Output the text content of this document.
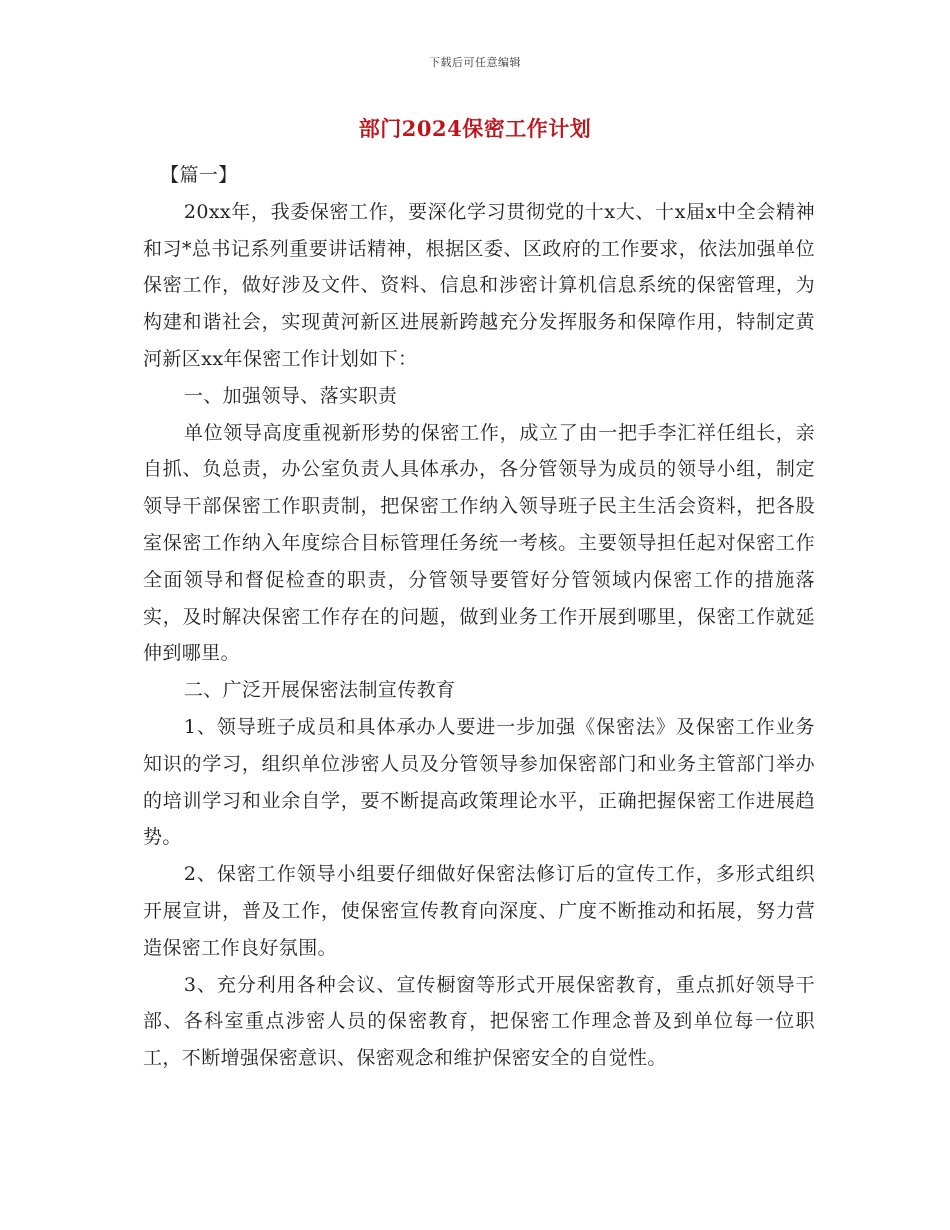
下载后可任意编辑
部门2024保密工作计划

【篇一】

20xx年，我委保密工作，要深化学习贯彻党的十x大、十x届x中全会精神和习*总书记系列重要讲话精神，根据区委、区政府的工作要求，依法加强单位保密工作，做好涉及文件、资料、信息和涉密计算机信息系统的保密管理，为构建和谐社会，实现黄河新区进展新跨越充分发挥服务和保障作用，特制定黄河新区xx年保密工作计划如下：

一、加强领导、落实职责

单位领导高度重视新形势的保密工作，成立了由一把手李汇祥任组长，亲自抓、负总责，办公室负责人具体承办，各分管领导为成员的领导小组，制定领导干部保密工作职责制，把保密工作纳入领导班子民主生活会资料，把各股室保密工作纳入年度综合目标管理任务统一考核。主要领导担任起对保密工作全面领导和督促检查的职责，分管领导要管好分管领域内保密工作的措施落实，及时解决保密工作存在的问题，做到业务工作开展到哪里，保密工作就延伸到哪里。

二、广泛开展保密法制宣传教育

1、领导班子成员和具体承办人要进一步加强《保密法》及保密工作业务知识的学习，组织单位涉密人员及分管领导参加保密部门和业务主管部门举办的培训学习和业余自学，要不断提高政策理论水平，正确把握保密工作进展趋势。

2、保密工作领导小组要仔细做好保密法修订后的宣传工作，多形式组织开展宣讲，普及工作，使保密宣传教育向深度、广度不断推动和拓展，努力营造保密工作良好氛围。

3、充分利用各种会议、宣传橱窗等形式开展保密教育，重点抓好领导干部、各科室重点涉密人员的保密教育，把保密工作理念普及到单位每一位职工，不断增强保密意识、保密观念和维护保密安全的自觉性。
